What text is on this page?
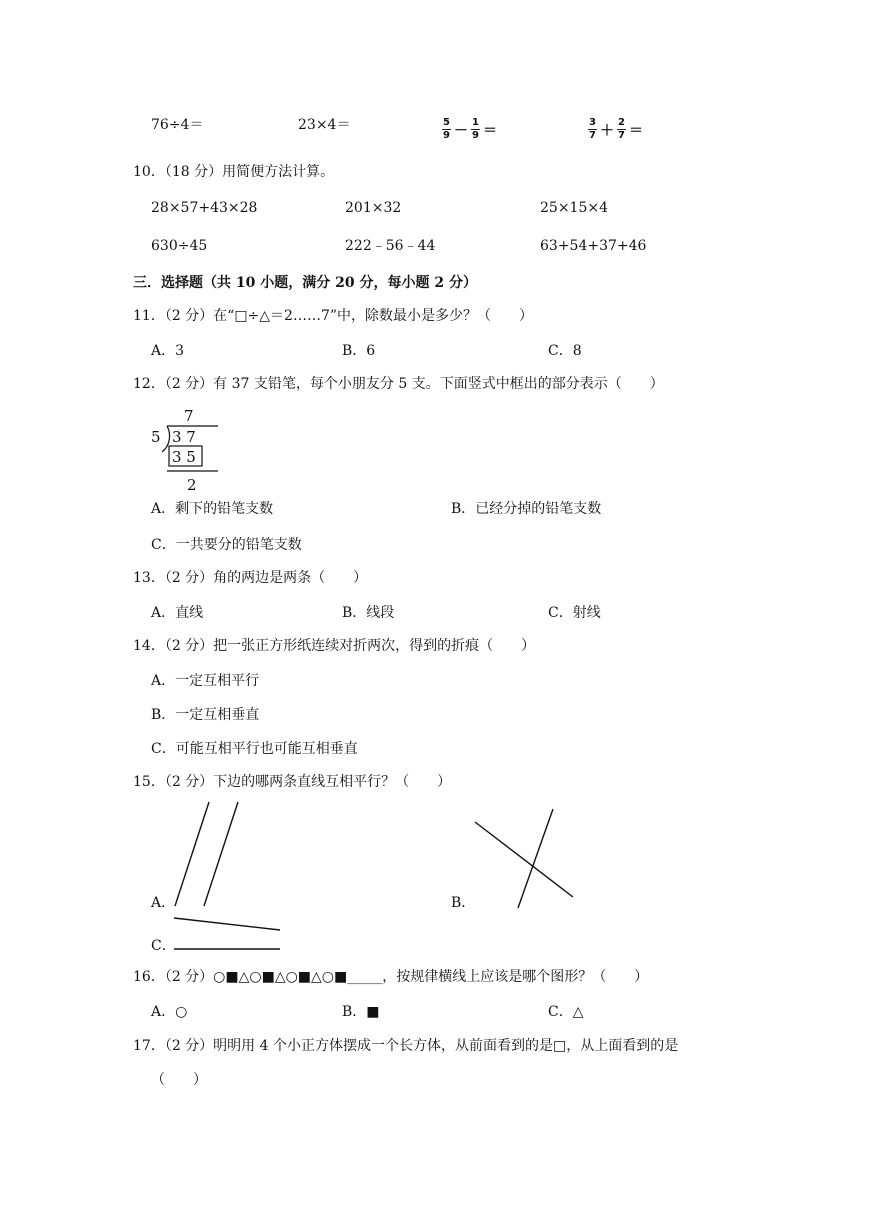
76÷4＝	23×4＝	$\frac{5}{9} - \frac{1}{9}$ ＝	$\frac{3}{7} + \frac{2}{7}$ ＝
10．（18 分）用简便方法计算。
28×57+43×28	201×32	25×15×4
630÷45	222﹣56﹣44	63+54+37+46
三．选择题（共 10 小题，满分 20 分，每小题 2 分）
11．（2 分）在“□÷△＝2……7”中，除数最小是多少？（　　）
A．3	B．6	C．8
12．（2 分）有 37 支铅笔，每个小朋友分 5 支。下面竖式中框出的部分表示（　　）
7
5 3 7
3 5
2
A．剩下的铅笔支数	B．已经分掉的铅笔支数
C．一共要分的铅笔支数
13．（2 分）角的两边是两条（　　）
A．直线	B．线段	C．射线
14．（2 分）把一张正方形纸连续对折两次，得到的折痕（　　）
A．一定互相平行
B．一定互相垂直
C．可能互相平行也可能互相垂直
15．（2 分）下边的哪两条直线互相平行？（　　）
A．	B．
C．
16．（2 分）○■△○■△○■△○■_____，按规律横线上应该是哪个图形？（　　）
A．○	B．■	C．△
17．（2 分）明明用 4 个小正方体摆成一个长方体，从前面看到的是□，从上面看到的是
（　　）
